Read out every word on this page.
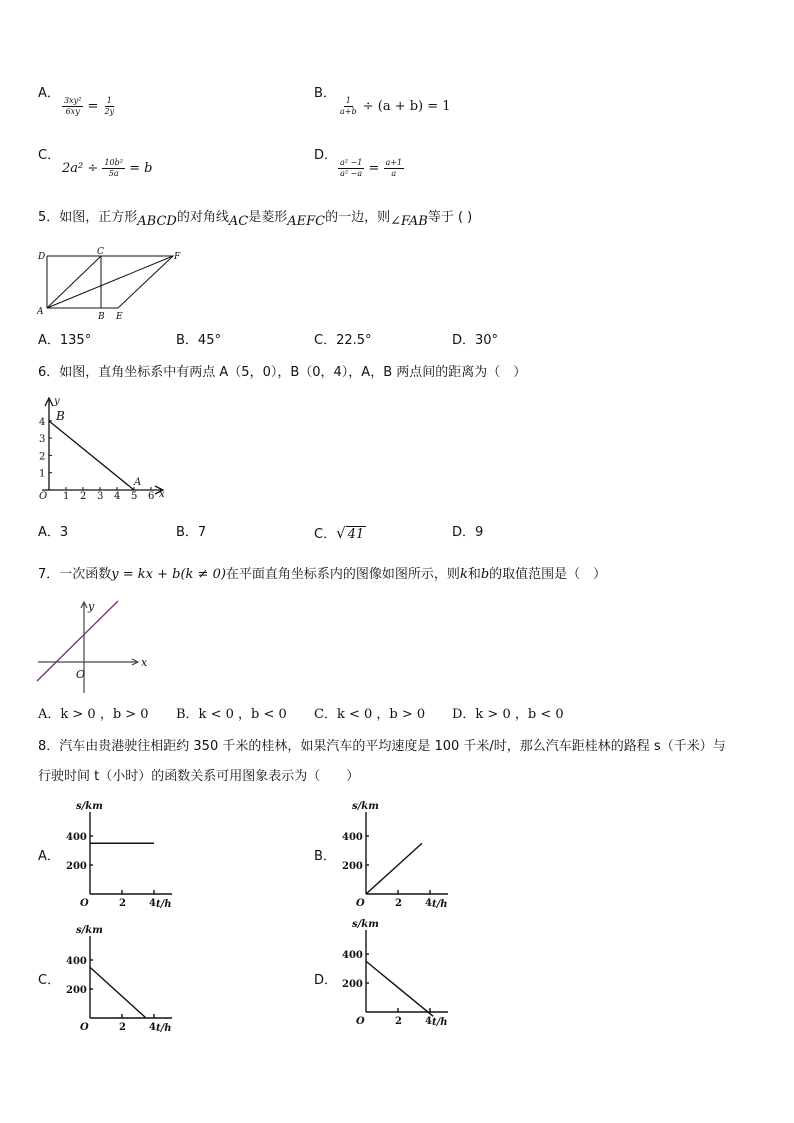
A．
$\frac{\text{3xy²}}{6xy} = \frac{1}{2y}$
B．
$\frac{1}{a+b} \div (a + b) = 1$
C．
$2a^2 \div \frac{\text{10b²}}{5a} = b$
D．
$\frac{\text{a² −1}}{\text{a² −a}} = \frac{a+1}{a}$
5．如图，正方形ABCD的对角线AC是菱形AEFC的一边，则∠FAB等于 ( )
D	C	F
A	B E
A．135°	B．45°	C．22.5°	D．30°
6．如图，直角坐标系中有两点 A（5，0），B（0，4），A，B 两点间的距离为（　）
y
x
O
A
B
1 2 3 4 5 6
4
3
2
1
A．3	B．7	C．√ 41	D．9
7．一次函数y = kx + b(k ≠ 0)在平面直角坐标系内的图像如图所示，则k和b的取值范围是（　）
y
x
O
A．k > 0 ，b > 0 B．k < 0 ，b < 0 C．k < 0 ，b > 0 D．k > 0 ，b < 0
8．汽车由贵港驶往相距约 350 千米的桂林，如果汽车的平均速度是 100 千米/时，那么汽车距桂林的路程 s（千米）与
行驶时间 t（小时）的函数关系可用图象表示为（　　）
A．
s/km
t/h
O
400
200
2 4
B．
s/km
t/h
O
400
200
2 4
C．
s/km
t/h
O
400
200
2 4
D．
s/km
t/h
O
400
200
2 4
